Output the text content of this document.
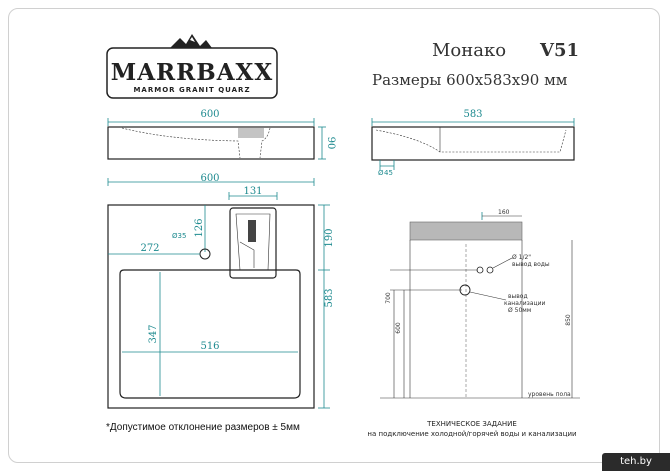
MARRBAXX
MARMOR GRANIT QUARZ
Монако V51
Размеры 600x583x90 мм
600
90
583
45
Ø
600
131
126
Ø35
272
347
516
190
583
160
Ø 1/2"
вывод воды
вывод
канализации
Ø 50мм
700
600
850
уровень пола
ТЕХНИЧЕСКОЕ ЗАДАНИЕ
на подключение холодной/горячей воды и канализации
*Допустимое отклонение размеров ± 5мм
teh.by
